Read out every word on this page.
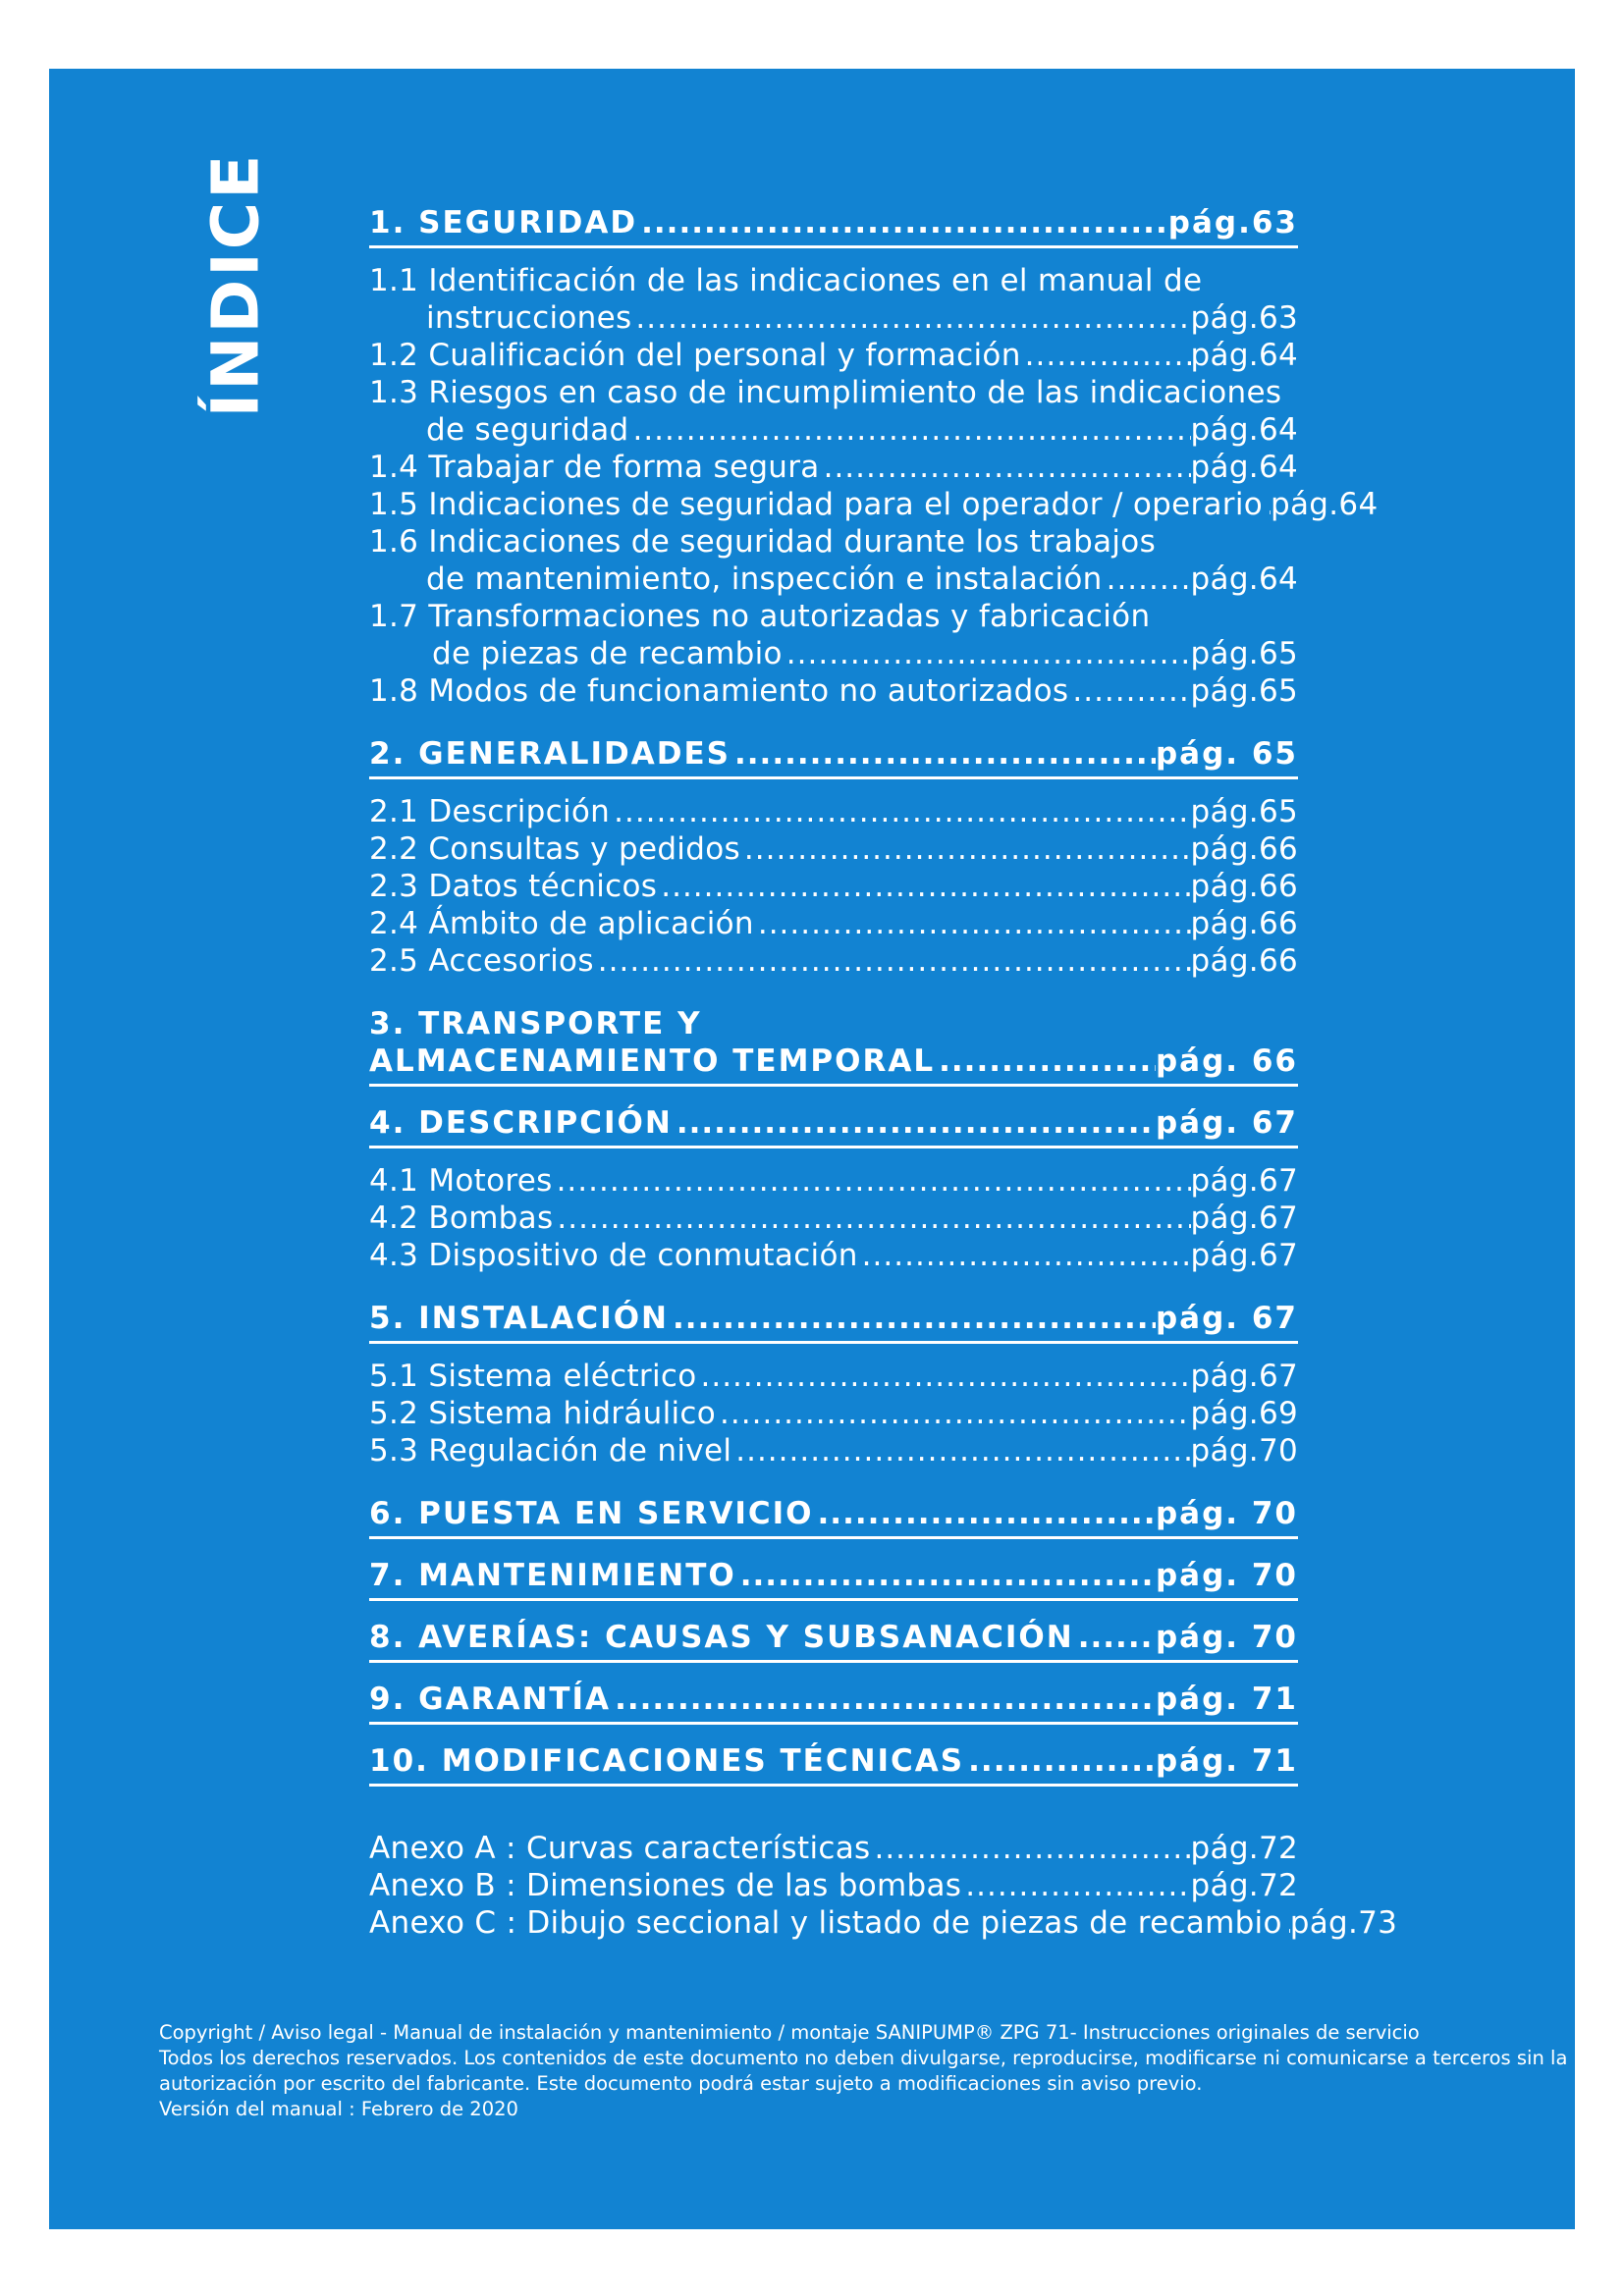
ÍNDICE	1. SEGURIDAD .....	pág.63
1.1 Identificación de las indicaciones en el manual de
instrucciones .....	pág.63
1.2 Cualificación del personal y formación .....	pág.64
1.3 Riesgos en caso de incumplimiento de las indicaciones
de seguridad .....	pág.64
1.4 Trabajar de forma segura .....	pág.64
1.5 Indicaciones de seguridad para el operador / operario ..... pág.64
1.6 Indicaciones de seguridad durante los trabajos
de mantenimiento, inspección e instalación .....	pág.64
1.7 Transformaciones no autorizadas y fabricación
de piezas de recambio .....	pág.65
1.8 Modos de funcionamiento no autorizados .....	pág.65
2. GENERALIDADES .....	pág. 65
2.1 Descripción .....	pág.65
2.2 Consultas y pedidos .....	pág.66
2.3 Datos técnicos .....	pág.66
2.4 Ámbito de aplicación .....	pág.66
2.5 Accesorios .....	pág.66
3. TRANSPORTE Y
ALMACENAMIENTO TEMPORAL .....	pág. 66
4. DESCRIPCIÓN .....	pág. 67
4.1 Motores .....	pág.67
4.2 Bombas .....	pág.67
4.3 Dispositivo de conmutación .....	pág.67
5. INSTALACIÓN .....	pág. 67
5.1 Sistema eléctrico .....	pág.67
5.2 Sistema hidráulico .....	pág.69
5.3 Regulación de nivel .....	pág.70
6. PUESTA EN SERVICIO .....	pág. 70
7. MANTENIMIENTO .....	pág. 70
8. AVERÍAS: CAUSAS Y SUBSANACIÓN .....	pág. 70
9. GARANTÍA .....	pág. 71
10. MODIFICACIONES TÉCNICAS .....	pág. 71
Anexo A : Curvas características .....	pág.72
Anexo B : Dimensiones de las bombas .....	pág.72
Anexo C : Dibujo seccional y listado de piezas de recambio ..... pág.73
Copyright / Aviso legal - Manual de instalación y mantenimiento / montaje SANIPUMP® ZPG 71- Instrucciones originales de servicio
Todos los derechos reservados. Los contenidos de este documento no deben divulgarse, reproducirse, modificarse ni comunicarse a terceros sin la
autorización por escrito del fabricante. Este documento podrá estar sujeto a modificaciones sin aviso previo.
Versión del manual : Febrero de 2020
